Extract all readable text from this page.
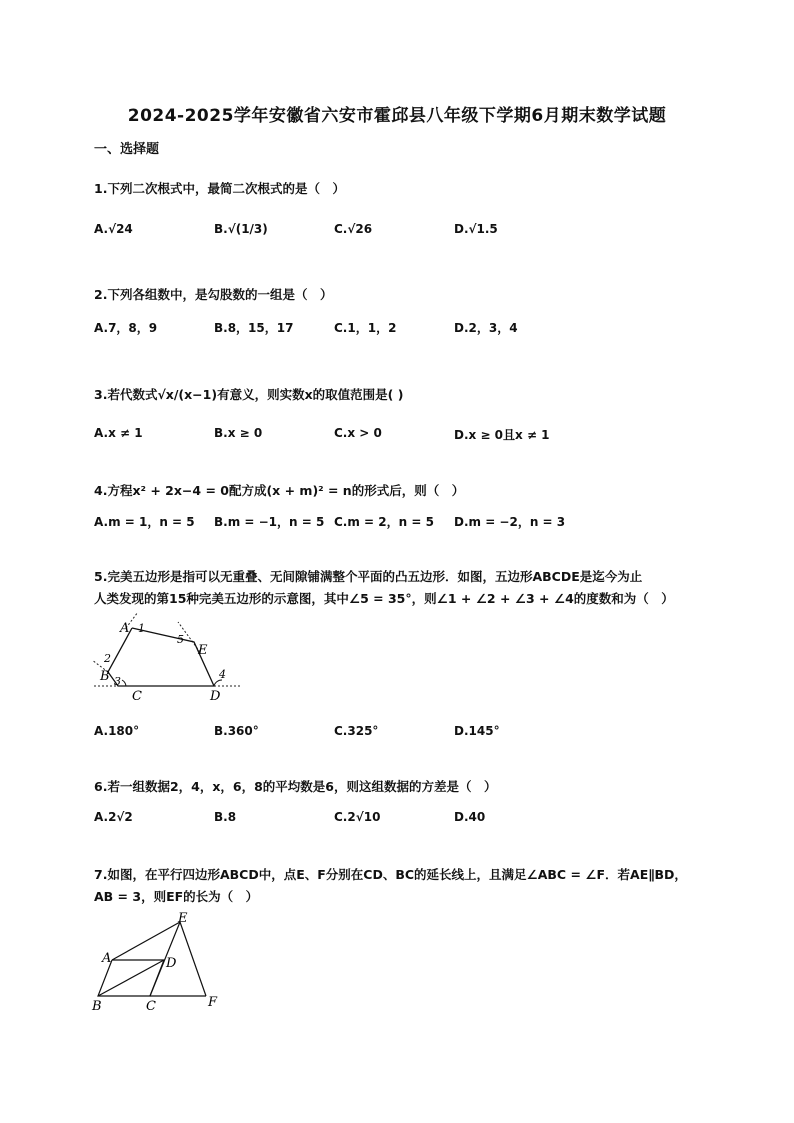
2024-2025学年安徽省六安市霍邱县八年级下学期6月期末数学试题
一、选择题
1.下列二次根式中，最简二次根式的是（　）
A.√24	B.√(1/3)	C.√26	D.√1.5
2.下列各组数中，是勾股数的一组是（　）
A.7，8，9	B.8，15，17	C.1，1，2	D.2，3，4
3.若代数式√x/(x−1)有意义，则实数x的取值范围是( )
A.x ≠ 1	B.x ≥ 0	C.x > 0	D.x ≥ 0且x ≠ 1
4.方程x² + 2x−4 = 0配方成(x + m)² = n的形式后，则（　）
A.m = 1，n = 5 B.m = −1，n = 5 C.m = 2，n = 5 D.m = −2，n = 3
5.完美五边形是指可以无重叠、无间隙铺满整个平面的凸五边形．如图，五边形ABCDE是迄今为止
人类发现的第15种完美五边形的示意图，其中∠5 = 35°，则∠1 + ∠2 + ∠3 + ∠4的度数和为（　）
A 1
5
E
2
B 3
C	D
4
A.180°	B.360°	C.325°	D.145°
6.若一组数据2，4，x，6，8的平均数是6，则这组数据的方差是（　）
A.2√2	B.8	C.2√10	D.40
7.如图，在平行四边形ABCD中，点E、F分别在CD、BC的延长线上，且满足∠ABC = ∠F．若AE∥BD，
AB = 3，则EF的长为（　）
E
A	D
B	C	F
